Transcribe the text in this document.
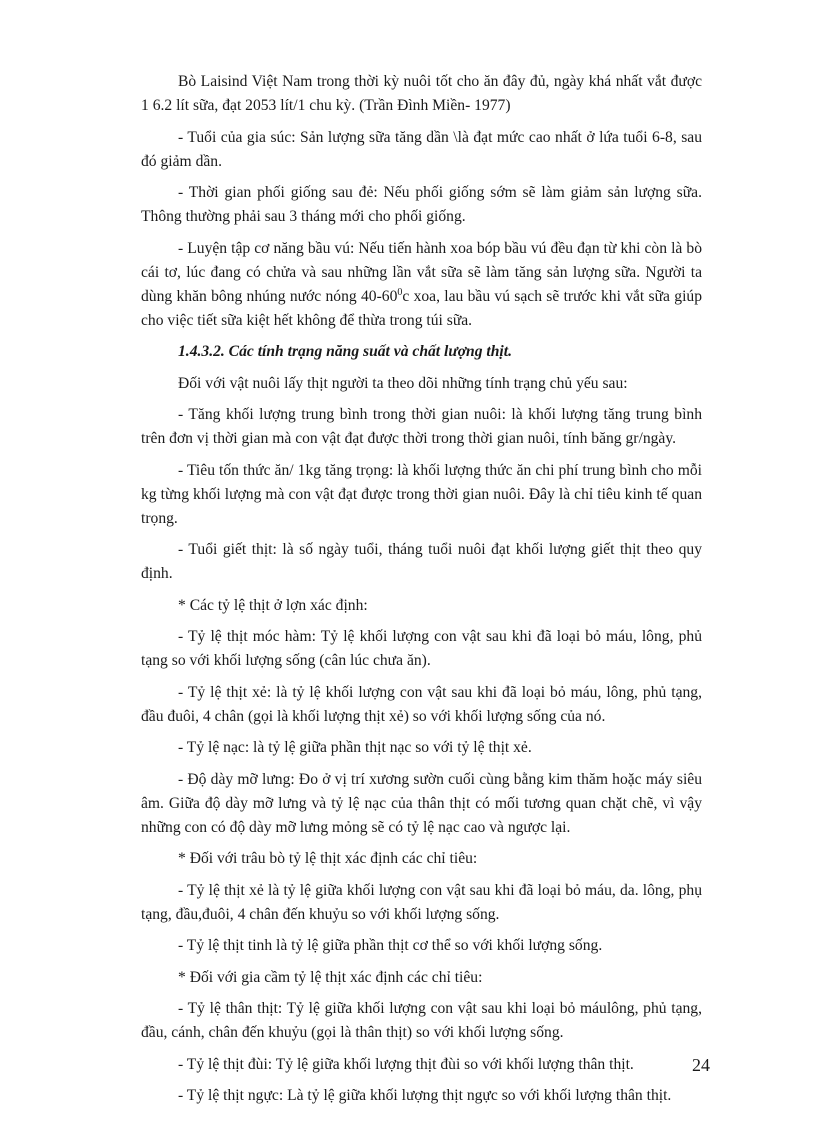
Bò Laisind Việt Nam trong thời kỳ nuôi tốt cho ăn đây đủ, ngày khá nhất vắt được 1 6.2 lít sữa, đạt 2053 lít/1 chu kỳ. (Trần Đình Miền- 1977)

- Tuổi của gia súc: Sản lượng sữa tăng dần \là đạt mức cao nhất ở lứa tuổi 6-8, sau đó giảm dần.

- Thời gian phối giống sau đẻ: Nếu phối giống sớm sẽ làm giảm sản lượng sữa. Thông thường phải sau 3 tháng mới cho phối giống.

- Luyện tập cơ năng bầu vú: Nếu tiến hành xoa bóp bầu vú đều đạn từ khi còn là bò cái tơ, lúc đang có chửa và sau những lần vắt sữa sẽ làm tăng sản lượng sữa. Người ta dùng khăn bông nhúng nước nóng $40-60^0c$ xoa, lau bầu vú sạch sẽ trước khi vắt sữa giúp cho việc tiết sữa kiệt hết không để thừa trong túi sữa.

1.4.3.2. Các tính trạng năng suất và chất lượng thịt.

Đối với vật nuôi lấy thịt người ta theo dõi những tính trạng chủ yếu sau:

- Tăng khối lượng trung bình trong thời gian nuôi: là khối lượng tăng trung bình trên đơn vị thời gian mà con vật đạt được thời trong thời gian nuôi, tính băng gr/ngày.

- Tiêu tốn thức ăn/ 1kg tăng trọng: là khối lượng thức ăn chi phí trung bình cho mỗi kg từng khối lượng mà con vật đạt được trong thời gian nuôi. Đây là chỉ tiêu kinh tế quan trọng.

- Tuổi giết thịt: là số ngày tuổi, tháng tuổi nuôi đạt khối lượng giết thịt theo quy định.

* Các tỷ lệ thịt ở lợn xác định:

- Tỷ lệ thịt móc hàm: Tỷ lệ khối lượng con vật sau khi đã loại bỏ máu, lông, phủ tạng so với khối lượng sống (cân lúc chưa ăn).

- Tỷ lệ thịt xẻ: là tỷ lệ khối lượng con vật sau khi đã loại bỏ máu, lông, phủ tạng, đầu đuôi, 4 chân (gọi là khối lượng thịt xẻ) so với khối lượng sống của nó.

- Tỷ lệ nạc: là tỷ lệ giữa phần thịt nạc so với tỷ lệ thịt xẻ.

- Độ dày mỡ lưng: Đo ở vị trí xương sườn cuối cùng bằng kim thăm hoặc máy siêu âm. Giữa độ dày mỡ lưng và tỷ lệ nạc của thân thịt có mối tương quan chặt chẽ, vì vậy những con có độ dày mỡ lưng mỏng sẽ có tỷ lệ nạc cao và ngược lại.

* Đối với trâu bò tỷ lệ thịt xác định các chỉ tiêu:

- Tỷ lệ thịt xẻ là tỷ lệ giữa khối lượng con vật sau khi đã loại bỏ máu, da. lông, phụ tạng, đầu,đuôi, 4 chân đến khuỷu so với khối lượng sống.

- Tỷ lệ thịt tinh là tỷ lệ giữa phần thịt cơ thể so với khối lượng sống.

* Đối với gia cầm tỷ lệ thịt xác định các chỉ tiêu:

- Tỷ lệ thân thịt: Tỷ lệ giữa khối lượng con vật sau khi loại bỏ máulông, phủ tạng, đầu, cánh, chân đến khuỷu (gọi là thân thịt) so với khối lượng sống.

- Tỷ lệ thịt đùi: Tỷ lệ giữa khối lượng thịt đùi so với khối lượng thân thịt.

- Tỷ lệ thịt ngực: Là tỷ lệ giữa khối lượng thịt ngực so với khối lượng thân thịt.

24
